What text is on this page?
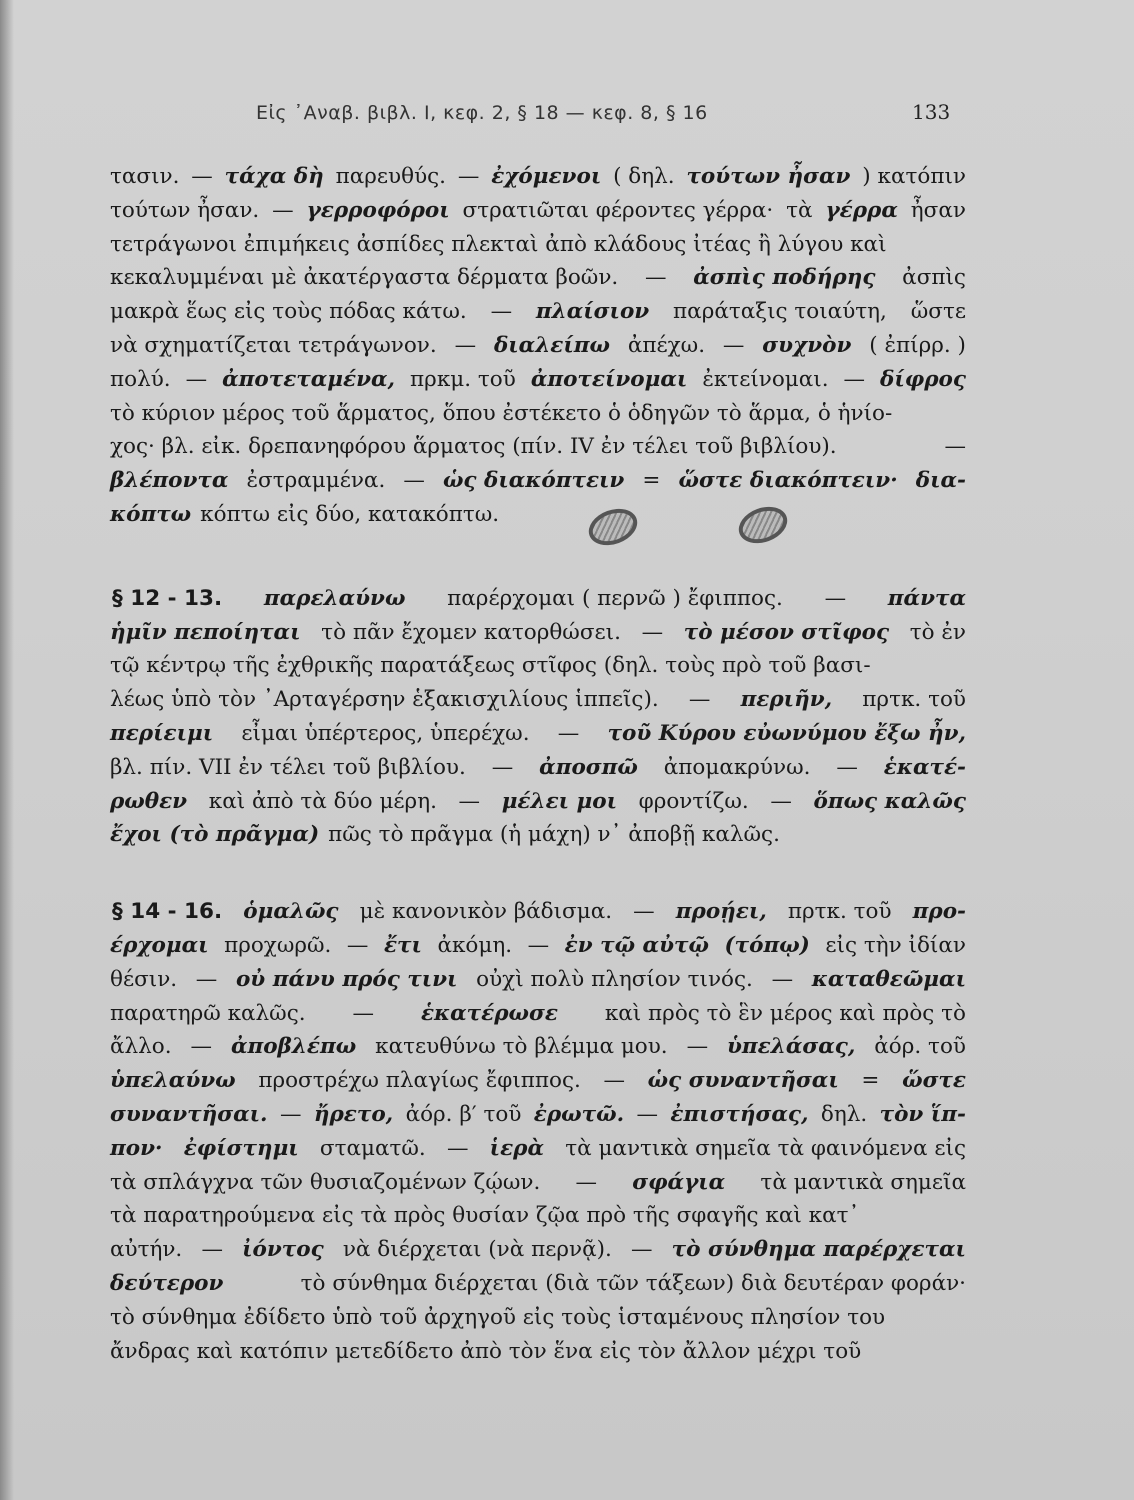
Εἰς ᾿Αναβ. βιβλ. Ι, κεφ. 2, § 18 — κεφ. 8, § 16	133
τασιν. — τάχα δὴ παρευθύς. — ἐχόμενοι ( δηλ. τούτων ἦσαν ) κατόπιν
τούτων ἦσαν. — γερροφόροι στρατιῶται φέροντες γέρρα· τὰ γέρρα ἦσαν
τετράγωνοι ἐπιμήκεις ἀσπίδες πλεκταὶ ἀπὸ κλάδους ἰτέας ἢ λύγου καὶ
κεκαλυμμέναι μὲ ἀκατέργαστα δέρματα βοῶν. — ἀσπὶς ποδήρης ἀσπὶς
μακρὰ ἕως εἰς τοὺς πόδας κάτω. — πλαίσιον παράταξις τοιαύτη, ὥστε
νὰ σχηματίζεται τετράγωνον. — διαλείπω ἀπέχω. — συχνὸν ( ἐπίρρ. )
πολύ. — ἀποτεταμένα, πρκμ. τοῦ ἀποτείνομαι ἐκτείνομαι. — δίφρος
τὸ κύριον μέρος τοῦ ἅρματος, ὅπου ἐστέκετο ὁ ὁδηγῶν τὸ ἅρμα, ὁ ἡνίο-
χος· βλ. εἰκ. δρεπανηφόρου ἅρματος (πίν. IV ἐν τέλει τοῦ βιβλίου).	—
βλέποντα ἐστραμμένα. — ὡς διακόπτειν = ὥστε διακόπτειν· δια-
κόπτω κόπτω εἰς δύο, κατακόπτω.
§ 12 - 13. παρελαύνω παρέρχομαι ( περνῶ ) ἔφιππος. — πάντα
ἡμῖν πεποίηται τὸ πᾶν ἔχομεν κατορθώσει. — τὸ μέσον στῖφος τὸ ἐν
τῷ κέντρῳ τῆς ἐχθρικῆς παρατάξεως στῖφος (δηλ. τοὺς πρὸ τοῦ βασι-
λέως ὑπὸ τὸν ᾿Αρταγέρσην ἑξακισχιλίους ἱππεῖς). — περιῆν, πρτκ. τοῦ
περίειμι εἶμαι ὑπέρτερος, ὑπερέχω. — τοῦ Κύρου εὐωνύμου ἔξω ἦν,
βλ. πίν. VII ἐν τέλει τοῦ βιβλίου. — ἀποσπῶ ἀπομακρύνω. — ἑκατέ-
ρωθεν καὶ ἀπὸ τὰ δύο μέρη. — μέλει μοι φροντίζω. — ὅπως καλῶς
ἔχοι (τὸ πρᾶγμα) πῶς τὸ πρᾶγμα (ἡ μάχη) ν᾿ ἀποβῇ καλῶς.
§ 14 - 16. ὁμαλῶς μὲ κανονικὸν βάδισμα. — προῄει, πρτκ. τοῦ προ-
έρχομαι προχωρῶ. — ἔτι ἀκόμη. — ἐν τῷ αὐτῷ (τόπῳ) εἰς τὴν ἰδίαν
θέσιν. — οὐ πάνυ πρός τινι οὐχὶ πολὺ πλησίον τινός. — καταθεῶμαι
παρατηρῶ καλῶς. — ἑκατέρωσε καὶ πρὸς τὸ ἓν μέρος καὶ πρὸς τὸ
ἄλλο. — ἀποβλέπω κατευθύνω τὸ βλέμμα μου. — ὑπελάσας, ἀόρ. τοῦ
ὑπελαύνω προστρέχω πλαγίως ἔφιππος. — ὡς συναντῆσαι = ὥστε
συναντῆσαι. — ἤρετο, ἀόρ. β′ τοῦ ἐρωτῶ. — ἐπιστήσας, δηλ. τὸν ἵπ-
πον· ἐφίστημι σταματῶ. — ἱερὰ τὰ μαντικὰ σημεῖα τὰ φαινόμενα εἰς
τὰ σπλάγχνα τῶν θυσιαζομένων ζῴων. — σφάγια τὰ μαντικὰ σημεῖα
τὰ παρατηρούμενα εἰς τὰ πρὸς θυσίαν ζῷα πρὸ τῆς σφαγῆς καὶ κατ᾿
αὐτήν. — ἰόντος νὰ διέρχεται (νὰ περνᾷ). — τὸ σύνθημα παρέρχεται
δεύτερον	τὸ σύνθημα διέρχεται (διὰ τῶν τάξεων) διὰ δευτέραν φοράν·
τὸ σύνθημα ἐδίδετο ὑπὸ τοῦ ἀρχηγοῦ εἰς τοὺς ἱσταμένους πλησίον του
ἄνδρας καὶ κατόπιν μετεδίδετο ἀπὸ τὸν ἕνα εἰς τὸν ἄλλον μέχρι τοῦ
